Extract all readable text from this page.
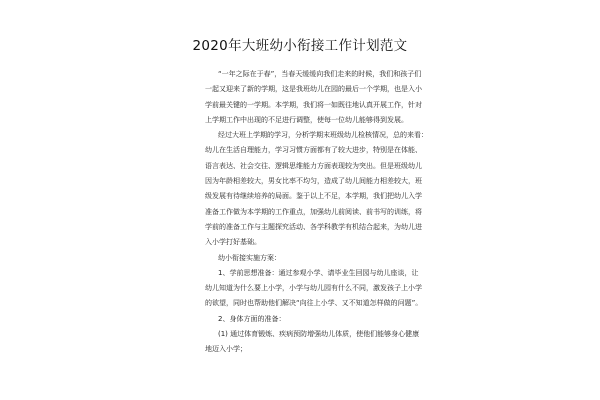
2020年大班幼小衔接工作计划范文
“一年之际在于春”，当春天缓缓向我们走来的时候，我们和孩子们
一起又迎来了新的学期，这是我班幼儿在园的最后一个学期，也是入小
学前最关键的一学期。本学期，我们将一如既往地认真开展工作，针对
上学期工作中出现的不足进行调整，使每一位幼儿能够得到发展。
经过大班上学期的学习，分析学期末班级幼儿检核情况，总的来看：
幼儿在生活自理能力，学习习惯方面都有了较大进步，特别是在体能、
语言表达、社会交往、逻辑思维能力方面表现较为突出。但是班级幼儿
因为年龄相差较大，男女比率不均匀，造成了幼儿间能力相差较大，班
级发展有待继续培养的局面。鉴于以上不足，本学期，我们把幼儿入学
准备工作做为本学期的工作重点，加强幼儿前阅读、前书写的训练，将
学前的准备工作与主题探究活动、各学科教学有机结合起来，为幼儿进
入小学打好基础。
幼小衔接实施方案：
1、学前思想准备：通过参观小学、请毕业生回园与幼儿座谈，让
幼儿知道为什么要上小学，小学与幼儿园有什么不同，激发孩子上小学
的欲望，同时也帮助他们解决“向往上小学、又不知道怎样做的问题”。
2、身体方面的准备：
(1) 通过体育锻炼、疾病预防增强幼儿体质，使他们能够身心健康
地迈入小学；
